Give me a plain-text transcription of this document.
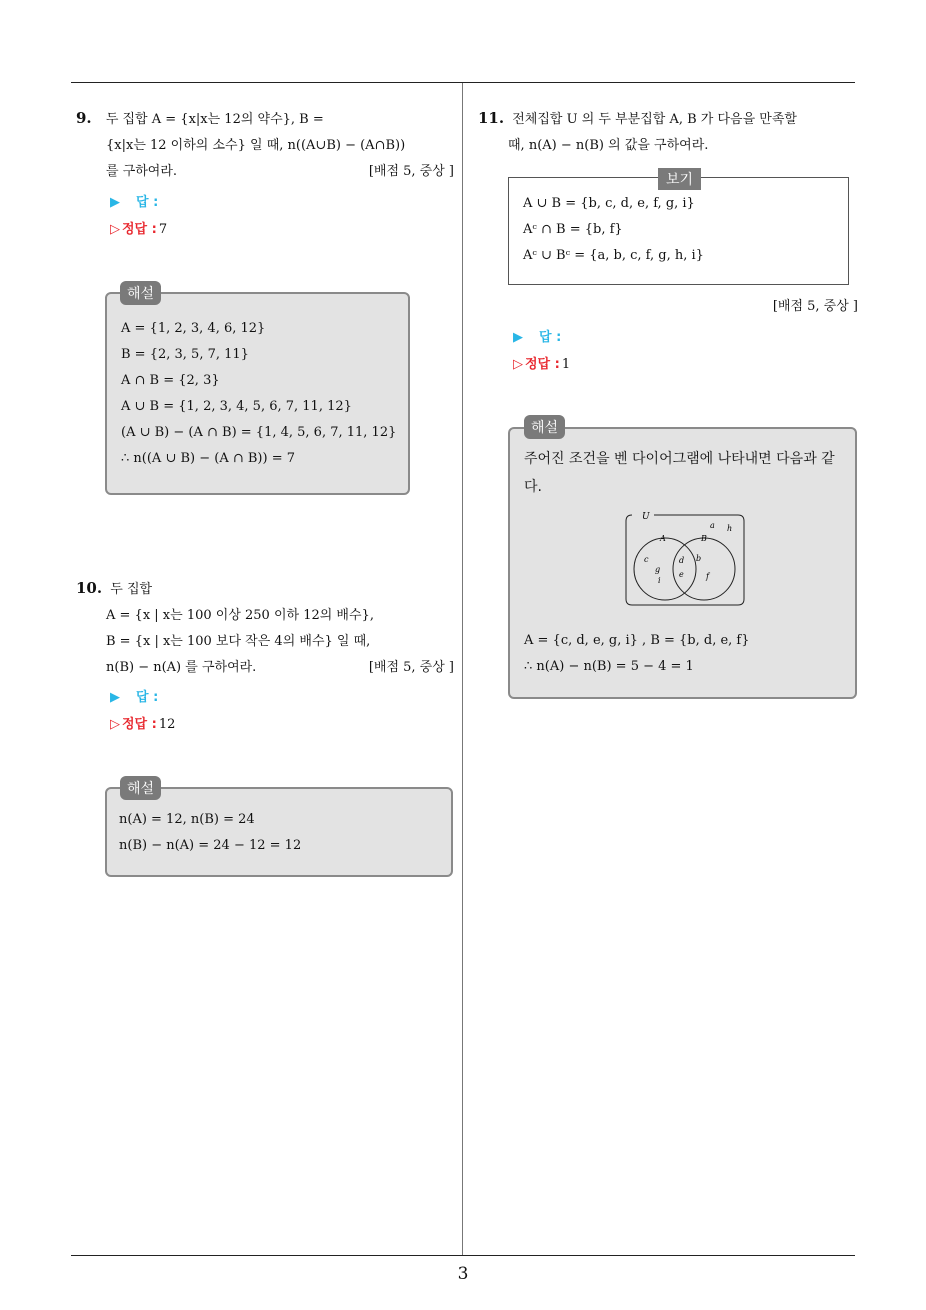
9. 두 집합 A = {x|x는 12의 약수}, B =
{x|x는 12 이하의 소수} 일 때, n((A∪B) − (A∩B))
를 구하여라.	[배점 5, 중상 ]
▶ 답 :
▷ 정답 : 7
A = {1, 2, 3, 4, 6, 12}
B = {2, 3, 5, 7, 11}
A ∩ B = {2, 3}
A ∪ B = {1, 2, 3, 4, 5, 6, 7, 11, 12}
(A ∪ B) − (A ∩ B) = {1, 4, 5, 6, 7, 11, 12}
∴ n((A ∪ B) − (A ∩ B)) = 7
해설
10. 두 집합
A = {x | x는 100 이상 250 이하 12의 배수},
B = {x | x는 100 보다 작은 4의 배수} 일 때,
n(B) − n(A) 를 구하여라.	[배점 5, 중상 ]
▶ 답 :
▷ 정답 : 12
n(A) = 12, n(B) = 24
n(B) − n(A) = 24 − 12 = 12
해설
11. 전체집합 U 의 두 부분집합 A, B 가 다음을 만족할
때, n(A) − n(B) 의 값을 구하여라.
A ∪ B = {b, c, d, e, f, g, i}
Aᶜ ∩ B = {b, f}
Aᶜ ∪ Bᶜ = {a, b, c, f, g, h, i}
보기
[배점 5, 중상 ]
▶ 답 :
▷ 정답 : 1
주어진 조건을 벤 다이어그램에 나타내면 다음과 같다.
U
A	B
a h
c
g
i
d
e
b
f
A = {c, d, e, g, i} , B = {b, d, e, f}
∴ n(A) − n(B) = 5 − 4 = 1
해설
3
